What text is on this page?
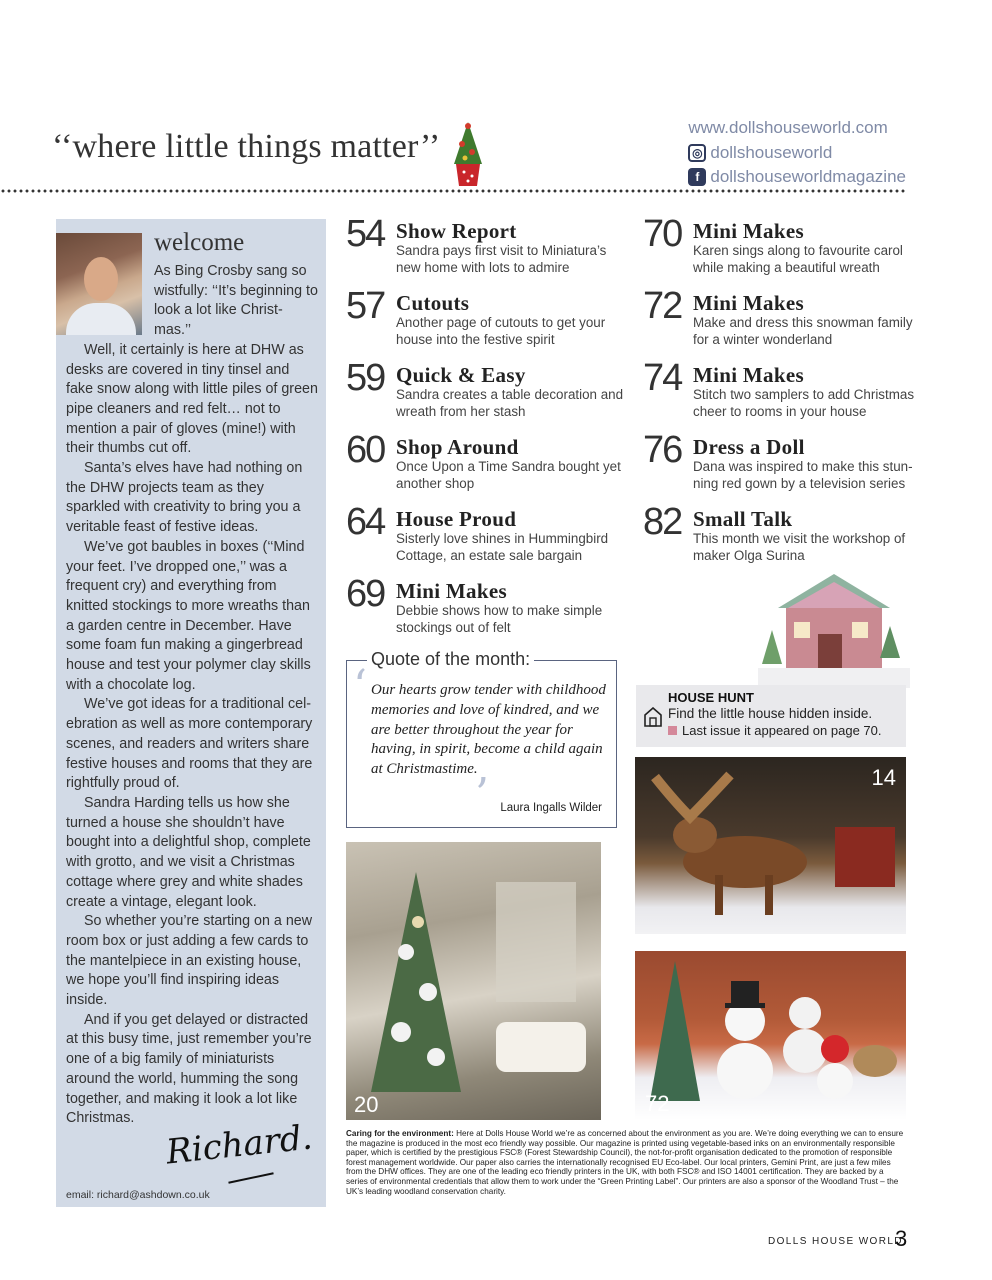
‘‘where little things matter’’
www.dollshouseworld.com
◎ dollshouseworld
f dollshouseworldmagazine
welcome

As Bing Crosby sang so wistfully: ‘‘It’s beginning to look a lot like Christ-mas.’’

Well, it certainly is here at DHW as desks are covered in tiny tinsel and fake snow along with little piles of green pipe cleaners and red felt… not to mention a pair of gloves (mine!) with their thumbs cut off.

Santa’s elves have had nothing on the DHW projects team as they sparkled with creativity to bring you a veritable feast of festive ideas.

We’ve got baubles in boxes (‘‘Mind your feet. I’ve dropped one,’’ was a frequent cry) and everything from knitted stockings to more wreaths than a garden centre in December. Have some foam fun making a gingerbread house and test your polymer clay skills with a chocolate log.

We’ve got ideas for a traditional cel-ebration as well as more contemporary scenes, and readers and writers share festive houses and rooms that they are rightfully proud of.

Sandra Harding tells us how she turned a house she shouldn’t have bought into a delightful shop, complete with grotto, and we visit a Christmas cottage where grey and white shades create a vintage, elegant look.

So whether you’re starting on a new room box or just adding a few cards to the mantelpiece in an existing house, we hope you’ll find inspiring ideas inside.

And if you get delayed or distracted at this busy time, just remember you’re one of a big family of miniaturists around the world, humming the song together, and making it look a lot like Christmas. Richard.
email: richard@ashdown.co.uk
54 Show Report
Sandra pays first visit to Miniatura’s new home with lots to admire
57 Cutouts
Another page of cutouts to get your house into the festive spirit
59 Quick & Easy
Sandra creates a table decoration and wreath from her stash
60 Shop Around
Once Upon a Time Sandra bought yet another shop
64 House Proud
Sisterly love shines in Hummingbird Cottage, an estate sale bargain
69 Mini Makes
Debbie shows how to make simple stockings out of felt
70 Mini Makes
Karen sings along to favourite carol while making a beautiful wreath
72 Mini Makes
Make and dress this snowman family for a winter wonderland
74 Mini Makes
Stitch two samplers to add Christmas cheer to rooms in your house
76 Dress a Doll
Dana was inspired to make this stun-ning red gown by a television series
82 Small Talk
This month we visit the workshop of maker Olga Surina
HOUSE HUNT
Find the little house hidden inside.
Last issue it appeared on page 70.
Quote of the month:
‘ Our hearts grow tender with childhood memories and love of kindred, and we are better throughout the year for having, in spirit, become a child again at Christmastime.
’ Laura Ingalls Wilder
20
14
72
Caring for the environment: Here at Dolls House World we’re as concerned about the environment as you are. We’re doing everything we can to ensure the magazine is produced in the most eco friendly way possible. Our magazine is printed using vegetable-based inks on an environmentally responsible paper, which is certified by the prestigious FSC® (Forest Stewardship Council), the not-for-profit organisation dedicated to the promotion of responsible forest management worldwide. Our paper also carries the internationally recognised EU Eco-label. Our local printers, Gemini Print, are just a few miles from the DHW offices. They are one of the leading eco friendly printers in the UK, with both FSC® and ISO 14001 certification. They are backed by a series of environmental credentials that allow them to work under the “Green Printing Label”. Our printers are also a sponsor of the Woodland Trust – the UK’s leading woodland conservation charity.
DOLLS HOUSE WORLD
3
